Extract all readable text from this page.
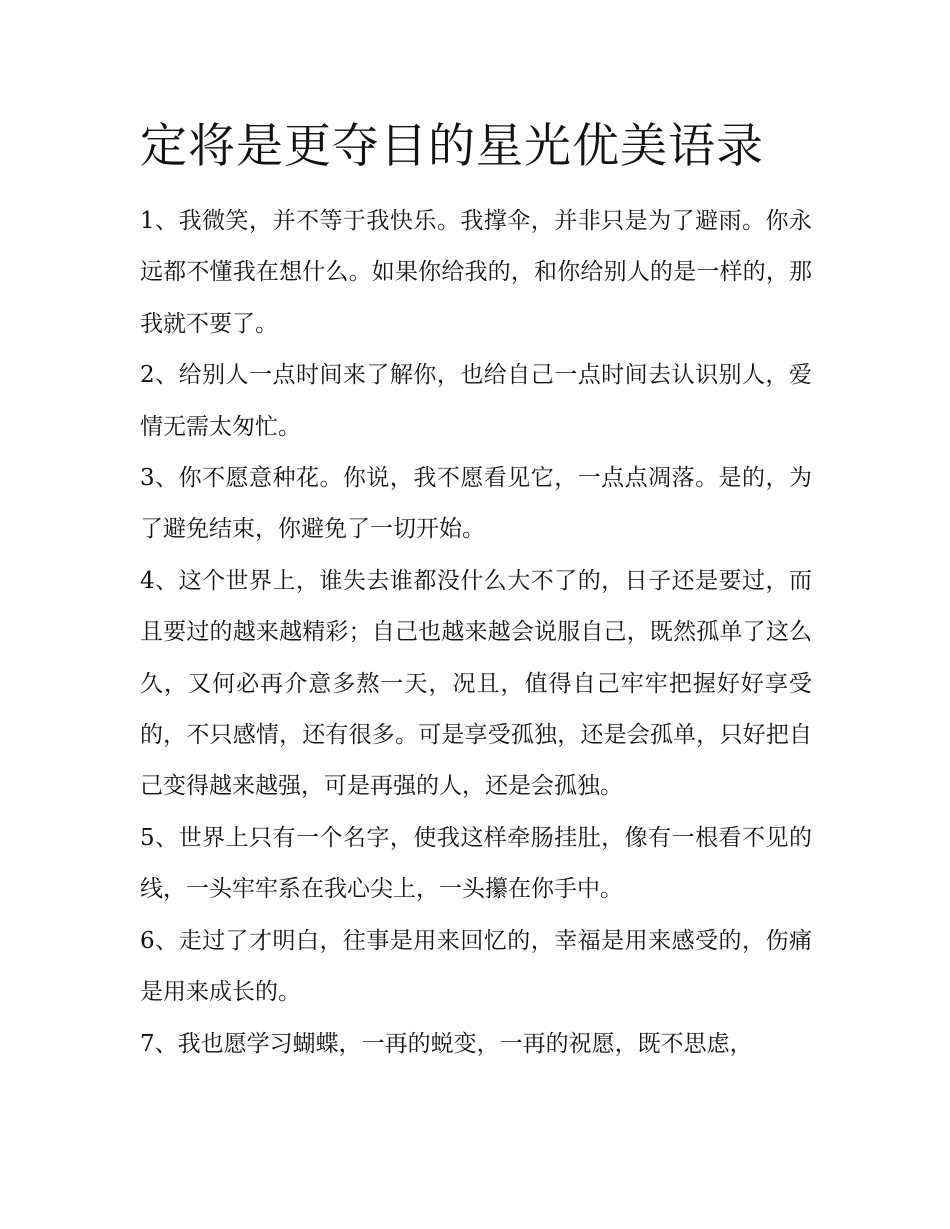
定将是更夺目的星光优美语录

1、我微笑，并不等于我快乐。我撑伞，并非只是为了避雨。你永远都不懂我在想什么。如果你给我的，和你给别人的是一样的，那我就不要了。

2、给别人一点时间来了解你，也给自己一点时间去认识别人，爱情无需太匆忙。

3、你不愿意种花。你说，我不愿看见它，一点点凋落。是的，为了避免结束，你避免了一切开始。

4、这个世界上，谁失去谁都没什么大不了的，日子还是要过，而且要过的越来越精彩；自己也越来越会说服自己，既然孤单了这么久，又何必再介意多熬一天，况且，值得自己牢牢把握好好享受的，不只感情，还有很多。可是享受孤独，还是会孤单，只好把自己变得越来越强，可是再强的人，还是会孤独。

5、世界上只有一个名字，使我这样牵肠挂肚，像有一根看不见的线，一头牢牢系在我心尖上，一头攥在你手中。

6、走过了才明白，往事是用来回忆的，幸福是用来感受的，伤痛是用来成长的。

7、我也愿学习蝴蝶，一再的蜕变，一再的祝愿，既不思虑，
